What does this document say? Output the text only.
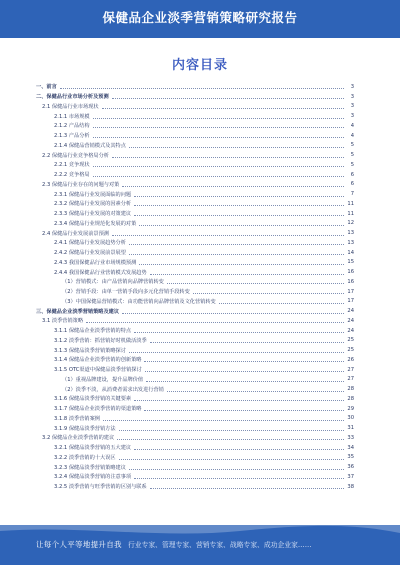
保健品企业淡季营销策略研究报告
内容目录
一、前言	3
二、保健品行业市场分析及预测	3
2.1 保健品行业市场现状	3
2.1.1 市场规模	3
2.1.2 产品结构	4
2.1.3 产品分析	4
2.1.4 保健品营销模式及其特点	5
2.2 保健品行业竞争格局分析	5
2.2.1 竞争现状	5
2.2.2 竞争格局	6
2.3 保健品行业存在的问题与对策	6
2.3.1 保健品行业发展面临的问题	7
2.3.2 保健品行业发展的因素分析	11
2.3.3 保健品行业发展的对策建议	11
2.3.4 保健品行业规范化发展的对策	12
2.4 保健品行业发展前景预测	13
2.4.1 保健品行业发展趋势分析	13
2.4.2 保健品行业发展前景展望	14
2.4.3 我国保健品行业市场规模预测	15
2.4.4 我国保健品行业营销模式发展趋势	16
（1）营销模式：由产品营销向品牌营销转变	16
（2）营销手段：由单一营销手段向多元化营销手段转变	17
（3）中国保健品营销模式：由功能营销向品牌营销及文化营销转变	17
三、保健品企业淡季营销策略及建议	24
3.1 淡季营销策略	24
3.1.1 保健品企业淡季营销的特点	24
3.1.2 淡季营销：抓营销好时机做活淡季	25
3.1.3 保健品淡季营销策略探讨	25
3.1.4 保健品企业淡季营销的创新策略	26
3.1.5 OTC渠道中保健品淡季营销探讨	27
（1）重视品牌建设，提升品牌价值	27
（2）淡季不淡，从消费者需求出发进行营销	28
3.1.6 保健品淡季营销的关键要素	28
3.1.7 保健品企业淡季营销的渠道策略	29
3.1.8 淡季营销案例	30
3.1.9 保健品淡季营销方法	31
3.2 保健品企业淡季营销的建议	33
3.2.1 保健品淡季营销的五大建议	34
3.2.2 淡季营销的十大误区	35
3.2.3 保健品淡季营销策略建议	36
3.2.4 保健品淡季营销的注意事项	37
3.2.5 淡季营销与旺季营销的区别与联系	38
让每个人平等地提升自我 行业专家、管理专家、营销专家、战略专家、成功企业家……
